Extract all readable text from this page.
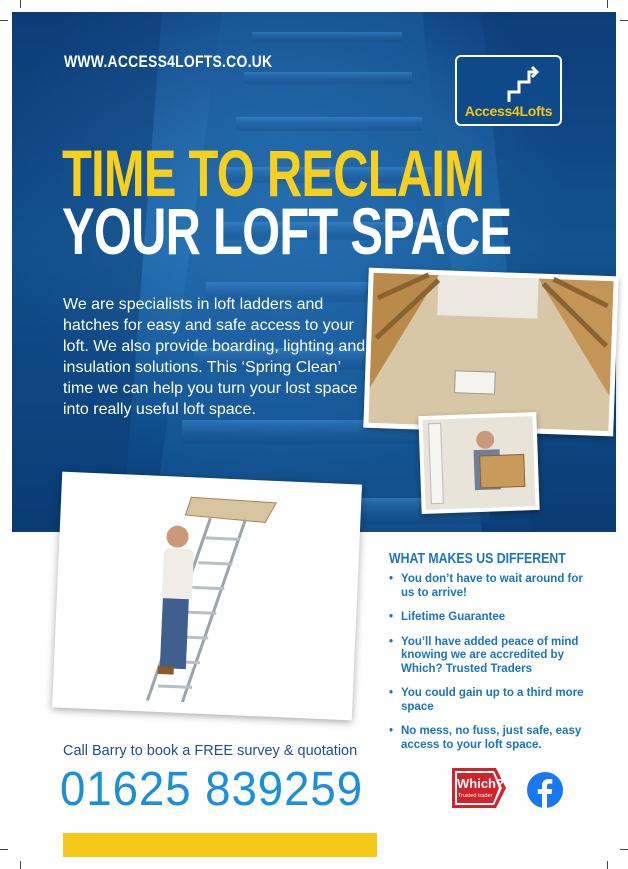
WWW.ACCESS4LOFTS.CO.UK
Access4Lofts
TIME TO RECLAIM
YOUR LOFT SPACE

We are specialists in loft ladders and hatches for easy and safe access to your loft. We also provide boarding, lighting and insulation solutions. This ‘Spring Clean’ time we can help you turn your lost space into really useful loft space.

WHAT MAKES US DIFFERENT
• You don’t have to wait around for us to arrive!
• Lifetime Guarantee
• You’ll have added peace of mind knowing we are accredited by Which? Trusted Traders
• You could gain up to a third more space
• No mess, no fuss, just safe, easy access to your loft space.
Call Barry to book a FREE survey & quotation
01625 839259	Which?
Trusted trader
